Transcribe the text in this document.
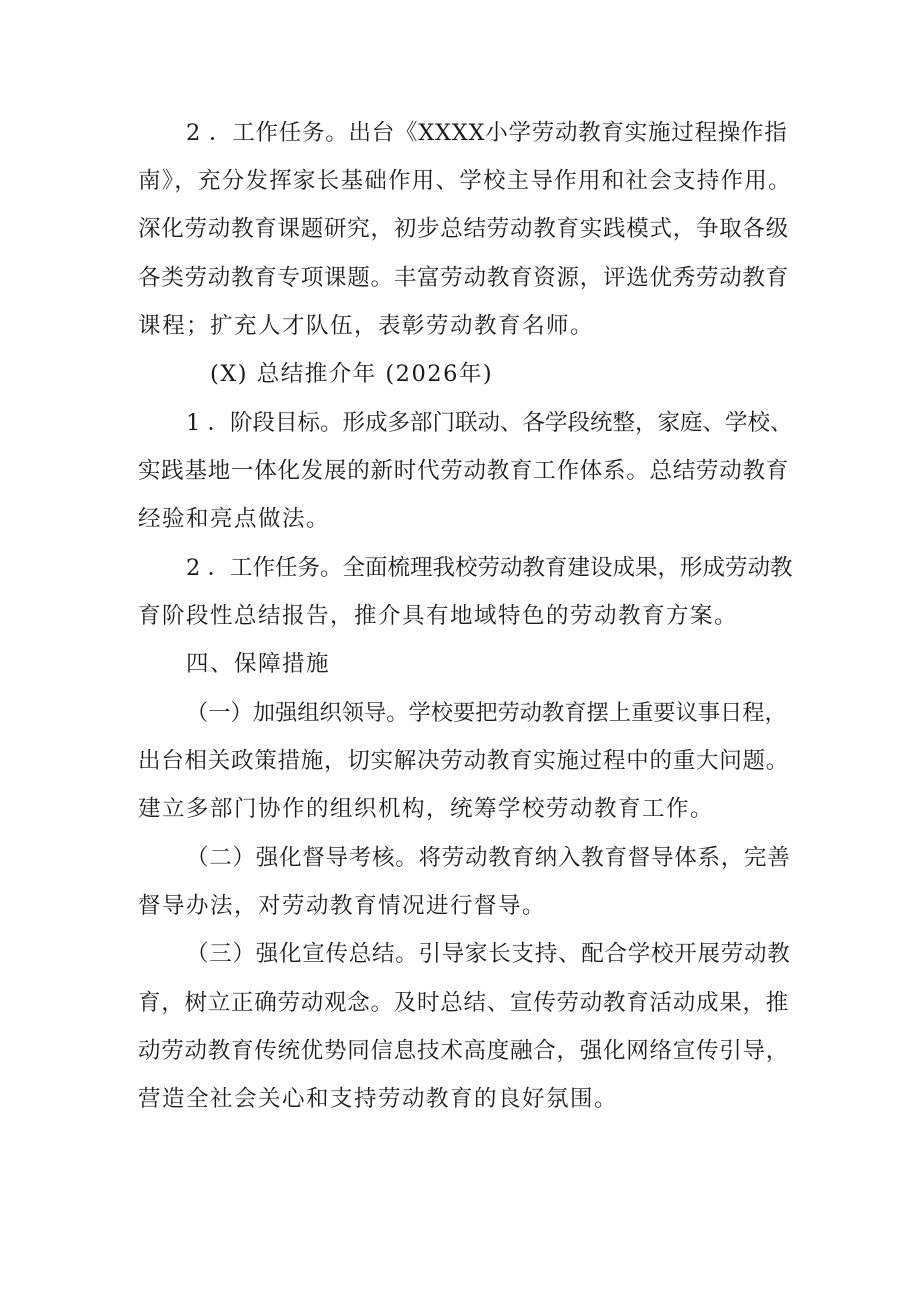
2 ．工作任务。出台《XXXX小学劳动教育实施过程操作指
南》，充分发挥家长基础作用、学校主导作用和社会支持作用。
深化劳动教育课题研究，初步总结劳动教育实践模式，争取各级
各类劳动教育专项课题。丰富劳动教育资源，评选优秀劳动教育
课程；扩充人才队伍，表彰劳动教育名师。
(X) 总结推介年 (2026年)
1 ．阶段目标。形成多部门联动、各学段统整，家庭、学校、
实践基地一体化发展的新时代劳动教育工作体系。总结劳动教育
经验和亮点做法。
2 ．工作任务。全面梳理我校劳动教育建设成果，形成劳动教
育阶段性总结报告，推介具有地域特色的劳动教育方案。
四、保障措施
（一）加强组织领导。学校要把劳动教育摆上重要议事日程，
出台相关政策措施，切实解决劳动教育实施过程中的重大问题。
建立多部门协作的组织机构，统筹学校劳动教育工作。
（二）强化督导考核。将劳动教育纳入教育督导体系，完善
督导办法，对劳动教育情况进行督导。
（三）强化宣传总结。引导家长支持、配合学校开展劳动教
育，树立正确劳动观念。及时总结、宣传劳动教育活动成果，推
动劳动教育传统优势同信息技术高度融合，强化网络宣传引导，
营造全社会关心和支持劳动教育的良好氛围。
